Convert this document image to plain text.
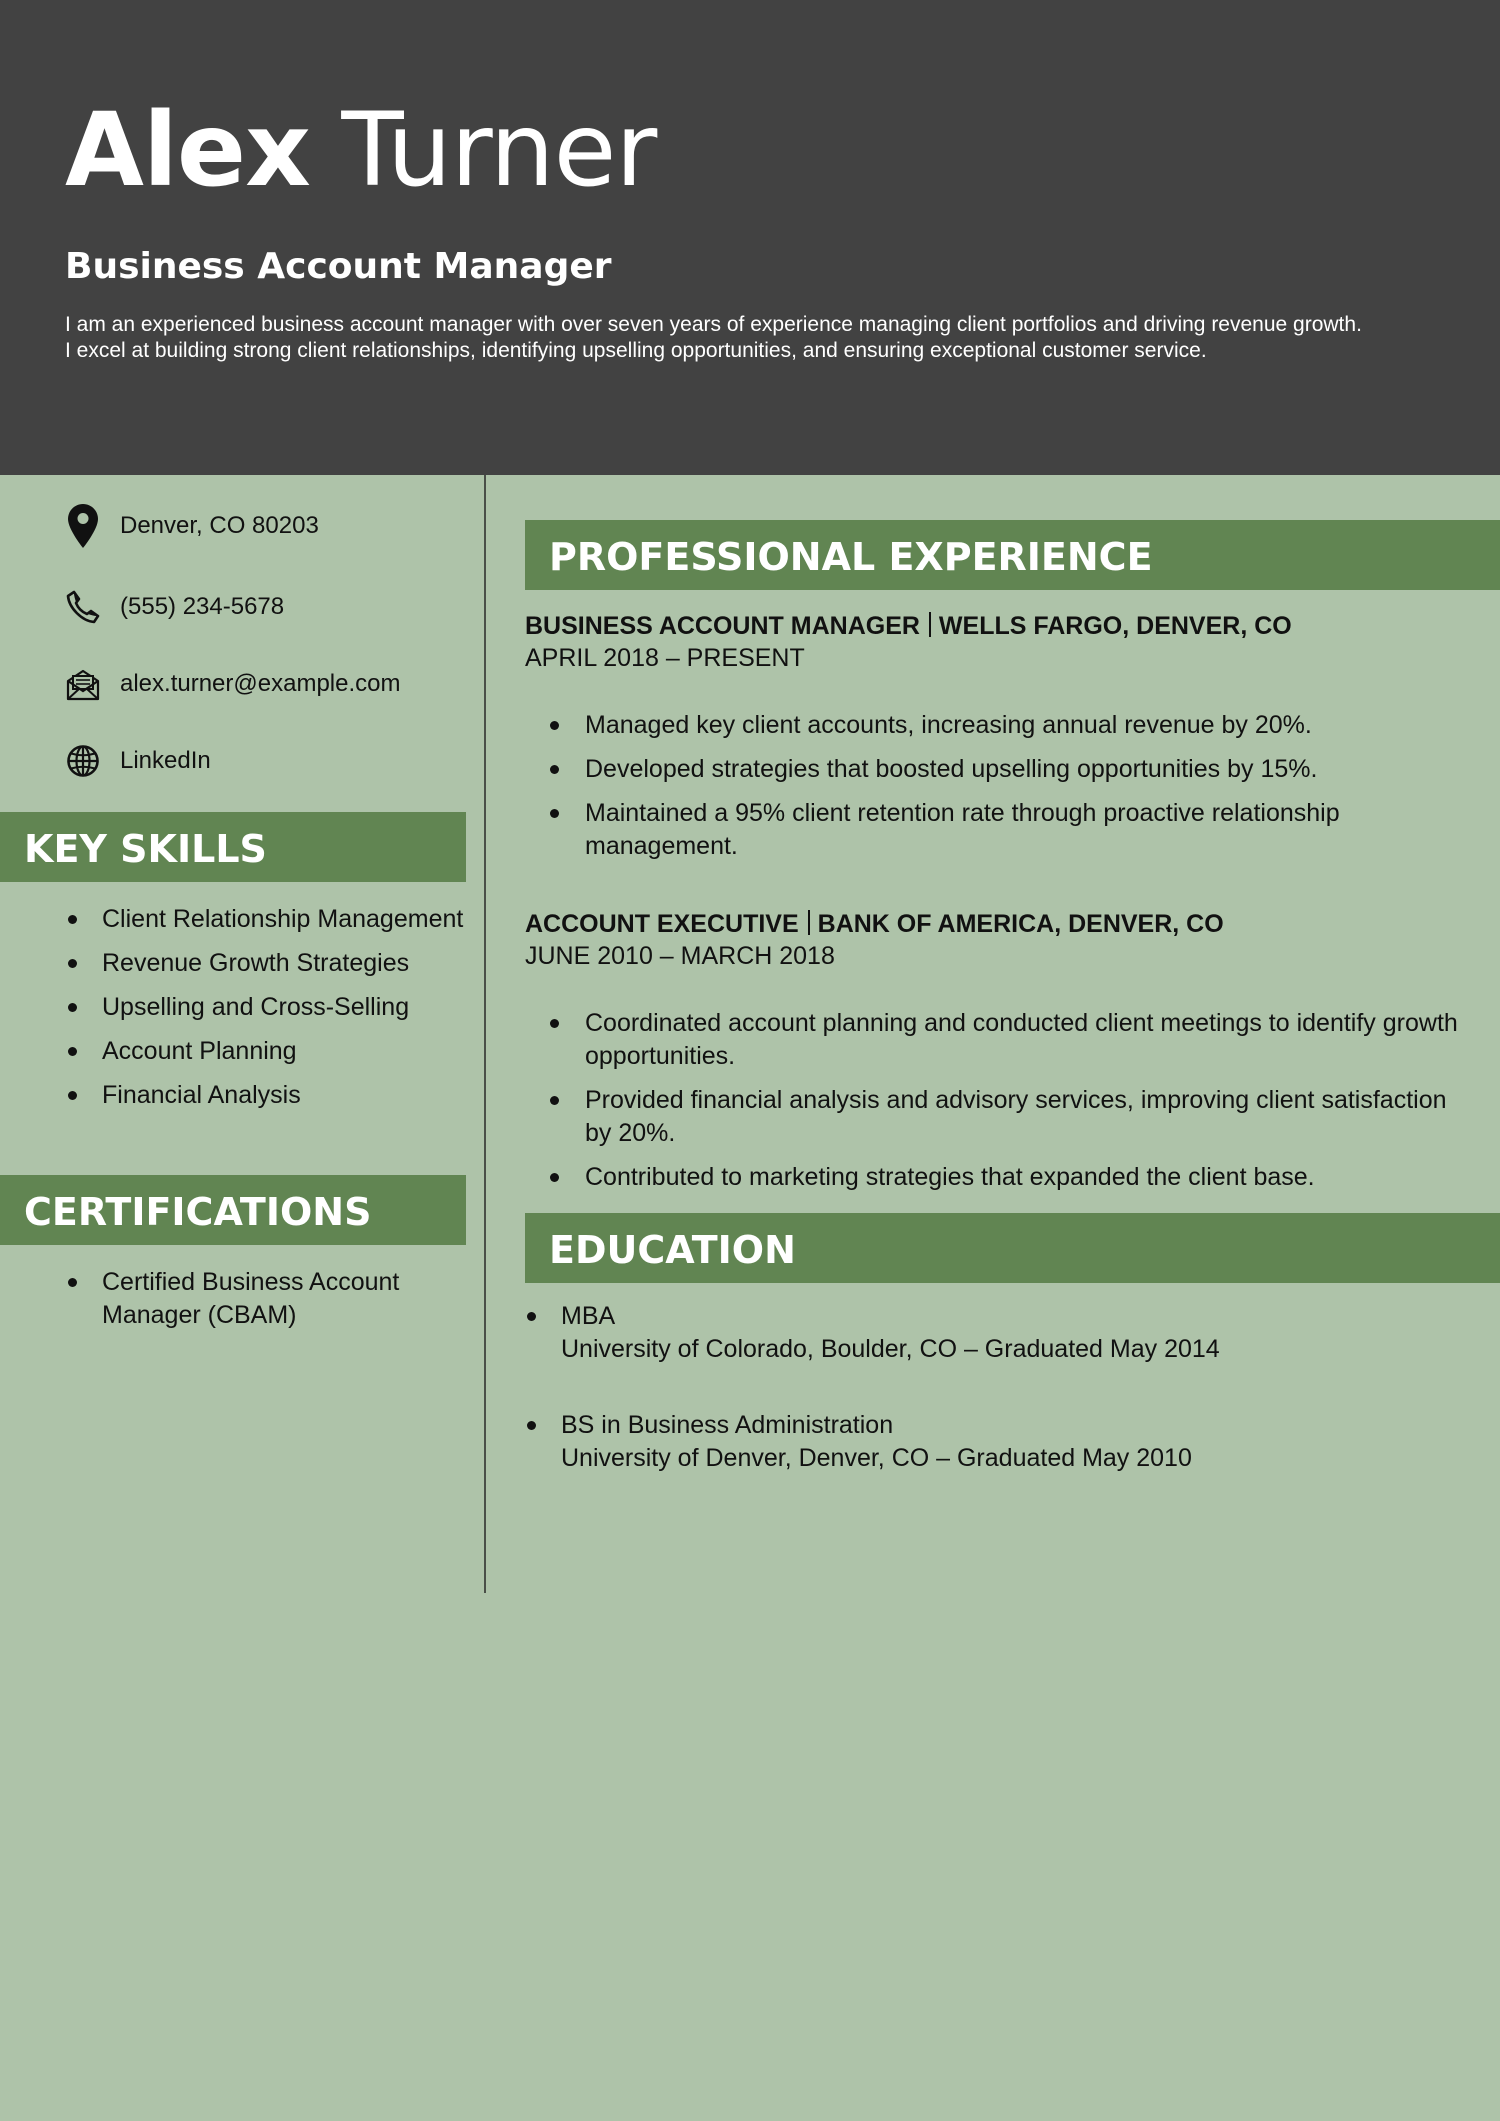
Alex Turner
Business Account Manager

I am an experienced business account manager with over seven years of experience managing client portfolios and driving revenue growth.

I excel at building strong client relationships, identifying upselling opportunities, and ensuring exceptional customer service.

Denver, CO 80203
(555) 234-5678
alex.turner@example.com
LinkedIn
KEY SKILLS
Client Relationship Management
Revenue Growth Strategies
Upselling and Cross-Selling
Account Planning
Financial Analysis
CERTIFICATIONS
Certified Business Account Manager (CBAM)
PROFESSIONAL EXPERIENCE
BUSINESS ACCOUNT MANAGER WELLS FARGO, DENVER, CO
APRIL 2018 – PRESENT
Managed key client accounts, increasing annual revenue by 20%.
Developed strategies that boosted upselling opportunities by 15%.
Maintained a 95% client retention rate through proactive relationship management.
ACCOUNT EXECUTIVE BANK OF AMERICA, DENVER, CO
JUNE 2010 – MARCH 2018
Coordinated account planning and conducted client meetings to identify growth opportunities.
Provided financial analysis and advisory services, improving client satisfaction by 20%.
Contributed to marketing strategies that expanded the client base.
EDUCATION
MBA
University of Colorado, Boulder, CO – Graduated May 2014
BS in Business Administration
University of Denver, Denver, CO – Graduated May 2010
